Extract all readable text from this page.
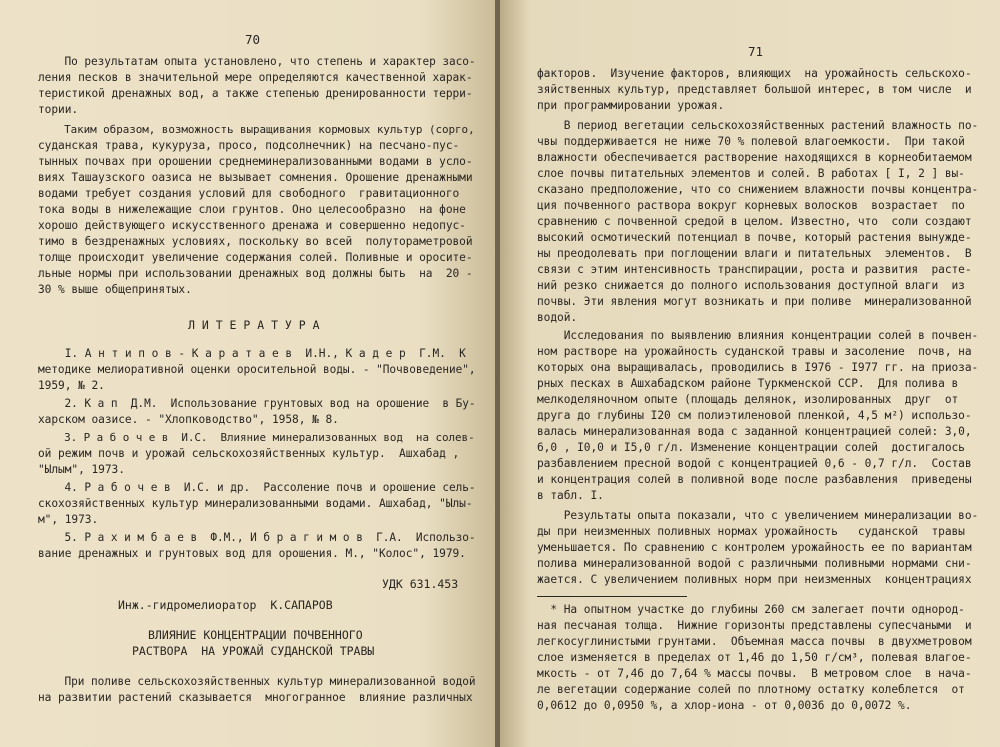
70
По результатам опыта установлено, что степень и характер засо-
ления песков в значительной мере определяются качественной харак-
теристикой дренажных вод, а также степенью дренированности терри-
тории.
Таким образом, возможность выращивания кормовых культур (сорго,
суданская трава, кукуруза, просо, подсолнечник) на песчано-пус-
тынных почвах при орошении среднеминерализованными водами в усло-
виях Ташаузского оазиса не вызывает сомнения. Орошение дренажными
водами требует создания условий для свободного  гравитационного
тока воды в нижележащие слои грунтов. Оно целесообразно  на фоне
хорошо действующего искусственного дренажа и совершенно недопус-
тимо в бездренажных условиях, поскольку во всей  полутораметровой
толще происходит увеличение содержания солей. Поливные и оросите-
льные нормы при использовании дренажных вод должны быть  на  20 -
30 % выше общепринятых.
Л И Т Е Р А Т У Р А
I. А н т и п о в - К а р а т а е в  И.Н., К а д е р  Г.М.  К
методике мелиоративной оценки оросительной воды. - "Почвоведение",
1959, № 2.
2. К а п  Д.М.  Использование грунтовых вод на орошение  в Бу-
харском оазисе. - "Хлопководство", 1958, № 8.
3. Р а б о ч е в  И.С.  Влияние минерализованных вод  на солев-
ой режим почв и урожай сельскохозяйственных культур.  Ашхабад ,
"Ылым", 1973.
4. Р а б о ч е в  И.С. и др.  Рассоление почв и орошение сель-
скохозяйственных культур минерализованными водами. Ашхабад, "Ылы-
м", 1973.
5. Р а х и м б а е в  Ф.М., И б р а г и м о в  Г.А.  Использо-
вание дренажных и грунтовых вод для орошения. М., "Колос", 1979.
УДК 631.453
Инж.-гидромелиоратор  К.САПАРОВ
ВЛИЯНИЕ КОНЦЕНТРАЦИИ ПОЧВЕННОГО
РАСТВОРА  НА УРОЖАЙ СУДАНСКОЙ ТРАВЫ
При поливе сельскохозяйственных культур минерализованной водой
на развитии растений сказывается  многогранное  влияние различных
71
факторов.  Изучение факторов, влияющих  на урожайность сельскохо-
зяйственных культур, представляет большой интерес, в том числе  и
при программировании урожая.
В период вегетации сельскохозяйственных растений влажность по-
чвы поддерживается не ниже 70 % полевой влагоемкости.  При такой
влажности обеспечивается растворение находящихся в корнеобитаемом
слое почвы питательных элементов и солей. В работах [ I, 2 ] вы-
сказано предположение, что со снижением влажности почвы концентра-
ция почвенного раствора вокруг корневых волосков  возрастает  по
сравнению с почвенной средой в целом. Известно, что  соли создают
высокий осмотический потенциал в почве, который растения вынужде-
ны преодолевать при поглощении влаги и питательных  элементов.  В
связи с этим интенсивность транспирации, роста и развития  расте-
ний резко снижается до полного использования доступной влаги  из
почвы. Эти явления могут возникать и при поливе  минерализованной
водой.
Исследования по выявлению влияния концентрации солей в почвен-
ном растворе на урожайность суданской травы и засоление  почв, на
которых она выращивалась, проводились в I976 - I977 гг. на приоза-
рных песках в Ашхабадском районе Туркменской ССР.  Для полива в
мелкоделяночном опыте (площадь делянок, изолированных  друг  от
друга до глубины I20 см полиэтиленовой пленкой, 4,5 м²) использо-
валась минерализованная вода с заданной концентрацией солей: 3,0,
6,0 , I0,0 и I5,0 г/л. Изменение концентрации солей  достигалось
разбавлением пресной водой с концентрацией 0,6 - 0,7 г/л.  Состав
и концентрация солей в поливной воде после разбавления  приведены
в табл. I.
Результаты опыта показали, что с увеличением минерализации во-
ды при неизменных поливных нормах урожайность   суданской  травы
уменьшается. По сравнению с контролем урожайность ее по вариантам
полива минерализованной водой с различными поливными нормами сни-
жается. С увеличением поливных норм при неизменных  концентрациях
* На опытном участке до глубины 260 см залегает почти однород-
ная песчаная толща.  Нижние горизонты представлены супесчаными  и
легкосуглинистыми грунтами.  Объемная масса почвы  в двухметровом
слое изменяется в пределах от 1,46 до 1,50 г/см³, полевая влагое-
мкость - от 7,46 до 7,64 % массы почвы.  В метровом слое  в нача-
ле вегетации содержание солей по плотному остатку колеблется  от
0,0612 до 0,0950 %, а хлор-иона - от 0,0036 до 0,0072 %.
